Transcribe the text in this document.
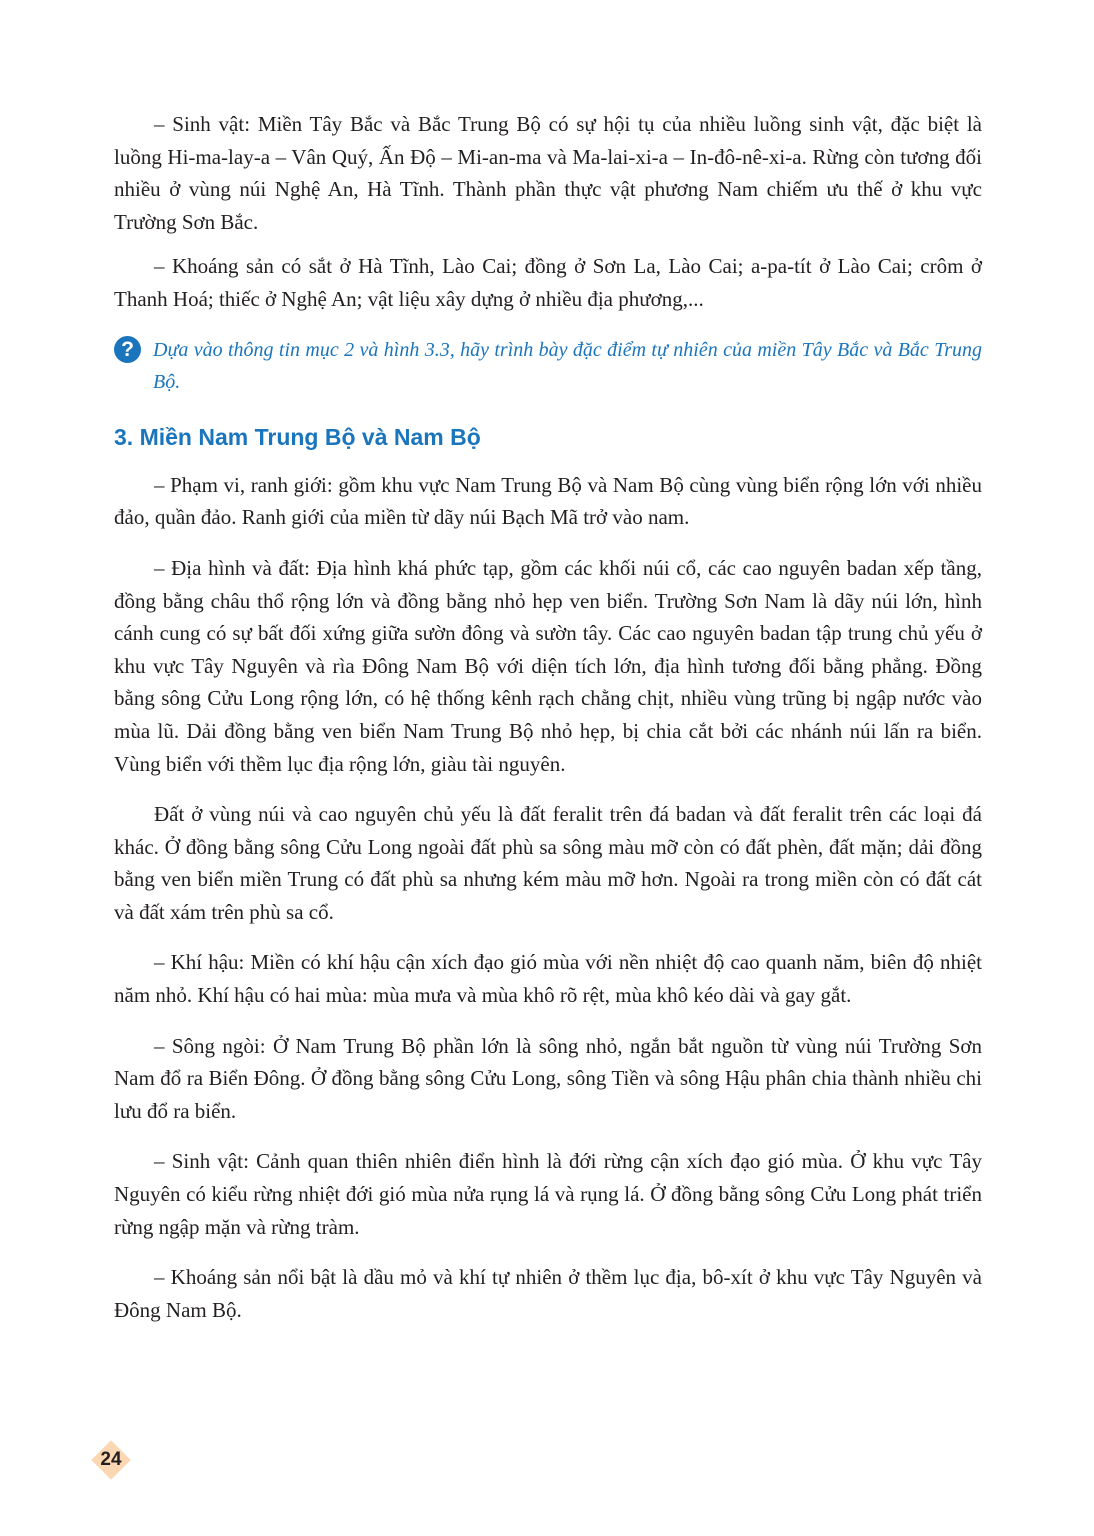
– Sinh vật: Miền Tây Bắc và Bắc Trung Bộ có sự hội tụ của nhiều luồng sinh vật, đặc biệt là luồng Hi-ma-lay-a – Vân Quý, Ấn Độ – Mi-an-ma và Ma-lai-xi-a – In-đô-nê-xi-a. Rừng còn tương đối nhiều ở vùng núi Nghệ An, Hà Tĩnh. Thành phần thực vật phương Nam chiếm ưu thế ở khu vực Trường Sơn Bắc.

– Khoáng sản có sắt ở Hà Tĩnh, Lào Cai; đồng ở Sơn La, Lào Cai; a-pa-tít ở Lào Cai; crôm ở Thanh Hoá; thiếc ở Nghệ An; vật liệu xây dựng ở nhiều địa phương,...

? Dựa vào thông tin mục 2 và hình 3.3, hãy trình bày đặc điểm tự nhiên của miền Tây Bắc và Bắc Trung Bộ.
3. Miền Nam Trung Bộ và Nam Bộ

– Phạm vi, ranh giới: gồm khu vực Nam Trung Bộ và Nam Bộ cùng vùng biển rộng lớn với nhiều đảo, quần đảo. Ranh giới của miền từ dãy núi Bạch Mã trở vào nam.

– Địa hình và đất: Địa hình khá phức tạp, gồm các khối núi cổ, các cao nguyên badan xếp tầng, đồng bằng châu thổ rộng lớn và đồng bằng nhỏ hẹp ven biển. Trường Sơn Nam là dãy núi lớn, hình cánh cung có sự bất đối xứng giữa sườn đông và sườn tây. Các cao nguyên badan tập trung chủ yếu ở khu vực Tây Nguyên và rìa Đông Nam Bộ với diện tích lớn, địa hình tương đối bằng phẳng. Đồng bằng sông Cửu Long rộng lớn, có hệ thống kênh rạch chằng chịt, nhiều vùng trũng bị ngập nước vào mùa lũ. Dải đồng bằng ven biển Nam Trung Bộ nhỏ hẹp, bị chia cắt bởi các nhánh núi lấn ra biển. Vùng biển với thềm lục địa rộng lớn, giàu tài nguyên.

Đất ở vùng núi và cao nguyên chủ yếu là đất feralit trên đá badan và đất feralit trên các loại đá khác. Ở đồng bằng sông Cửu Long ngoài đất phù sa sông màu mỡ còn có đất phèn, đất mặn; dải đồng bằng ven biển miền Trung có đất phù sa nhưng kém màu mỡ hơn. Ngoài ra trong miền còn có đất cát và đất xám trên phù sa cổ.

– Khí hậu: Miền có khí hậu cận xích đạo gió mùa với nền nhiệt độ cao quanh năm, biên độ nhiệt năm nhỏ. Khí hậu có hai mùa: mùa mưa và mùa khô rõ rệt, mùa khô kéo dài và gay gắt.

– Sông ngòi: Ở Nam Trung Bộ phần lớn là sông nhỏ, ngắn bắt nguồn từ vùng núi Trường Sơn Nam đổ ra Biển Đông. Ở đồng bằng sông Cửu Long, sông Tiền và sông Hậu phân chia thành nhiều chi lưu đổ ra biển.

– Sinh vật: Cảnh quan thiên nhiên điển hình là đới rừng cận xích đạo gió mùa. Ở khu vực Tây Nguyên có kiểu rừng nhiệt đới gió mùa nửa rụng lá và rụng lá. Ở đồng bằng sông Cửu Long phát triển rừng ngập mặn và rừng tràm.

– Khoáng sản nổi bật là dầu mỏ và khí tự nhiên ở thềm lục địa, bô-xít ở khu vực Tây Nguyên và Đông Nam Bộ.

24
